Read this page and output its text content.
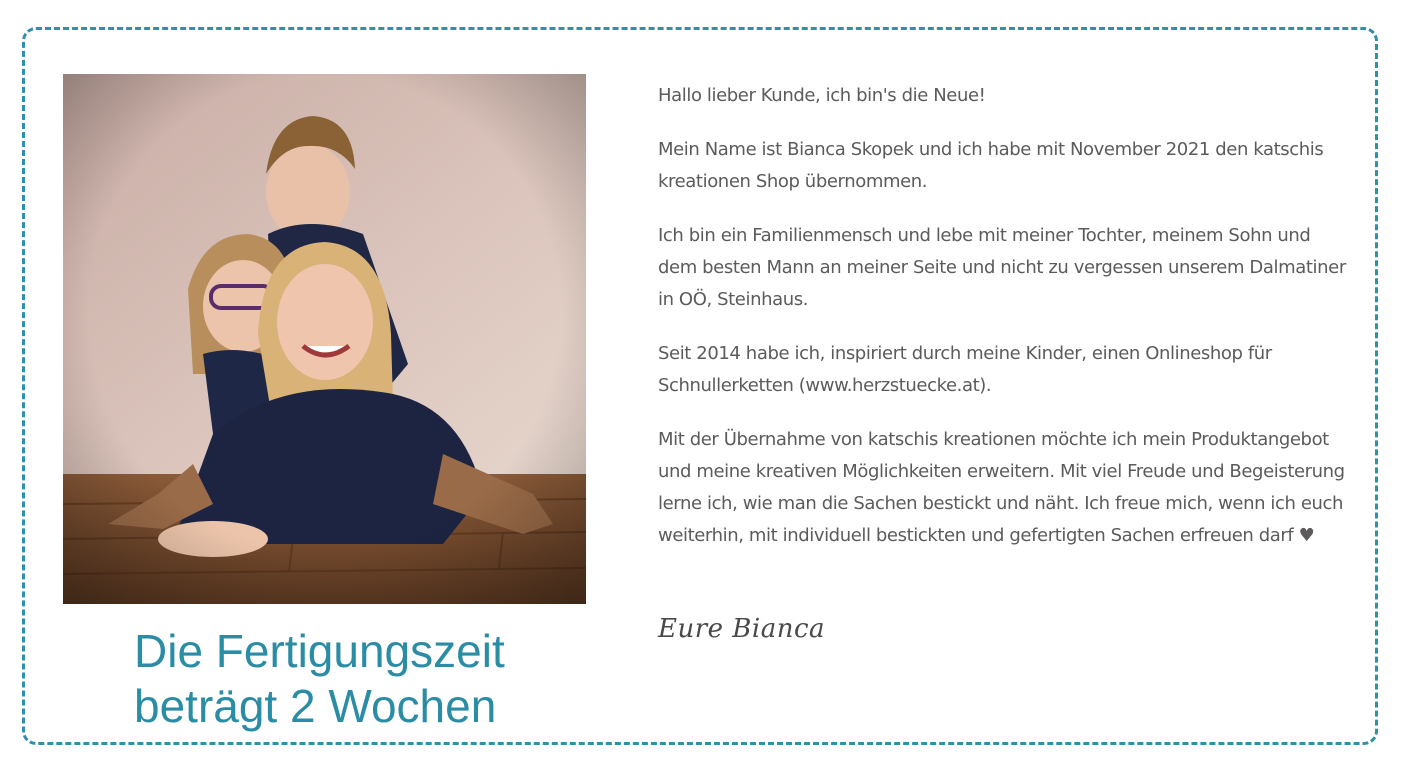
Die Fertigungszeit
beträgt 2 Wochen

Hallo lieber Kunde, ich bin's die Neue!

Mein Name ist Bianca Skopek und ich habe mit November 2021 den katschis kreationen Shop übernommen.

Ich bin ein Familienmensch und lebe mit meiner Tochter, meinem Sohn und dem besten Mann an meiner Seite und nicht zu vergessen unserem Dalmatiner in OÖ, Steinhaus.

Seit 2014 habe ich, inspiriert durch meine Kinder, einen Onlineshop für Schnullerketten (www.herzstuecke.at).

Mit der Übernahme von katschis kreationen möchte ich mein Produktangebot und meine kreativen Möglichkeiten erweitern. Mit viel Freude und Begeisterung lerne ich, wie man die Sachen bestickt und näht. Ich freue mich, wenn ich euch weiterhin, mit individuell bestickten und gefertigten Sachen erfreuen darf ♥

Eure Bianca
